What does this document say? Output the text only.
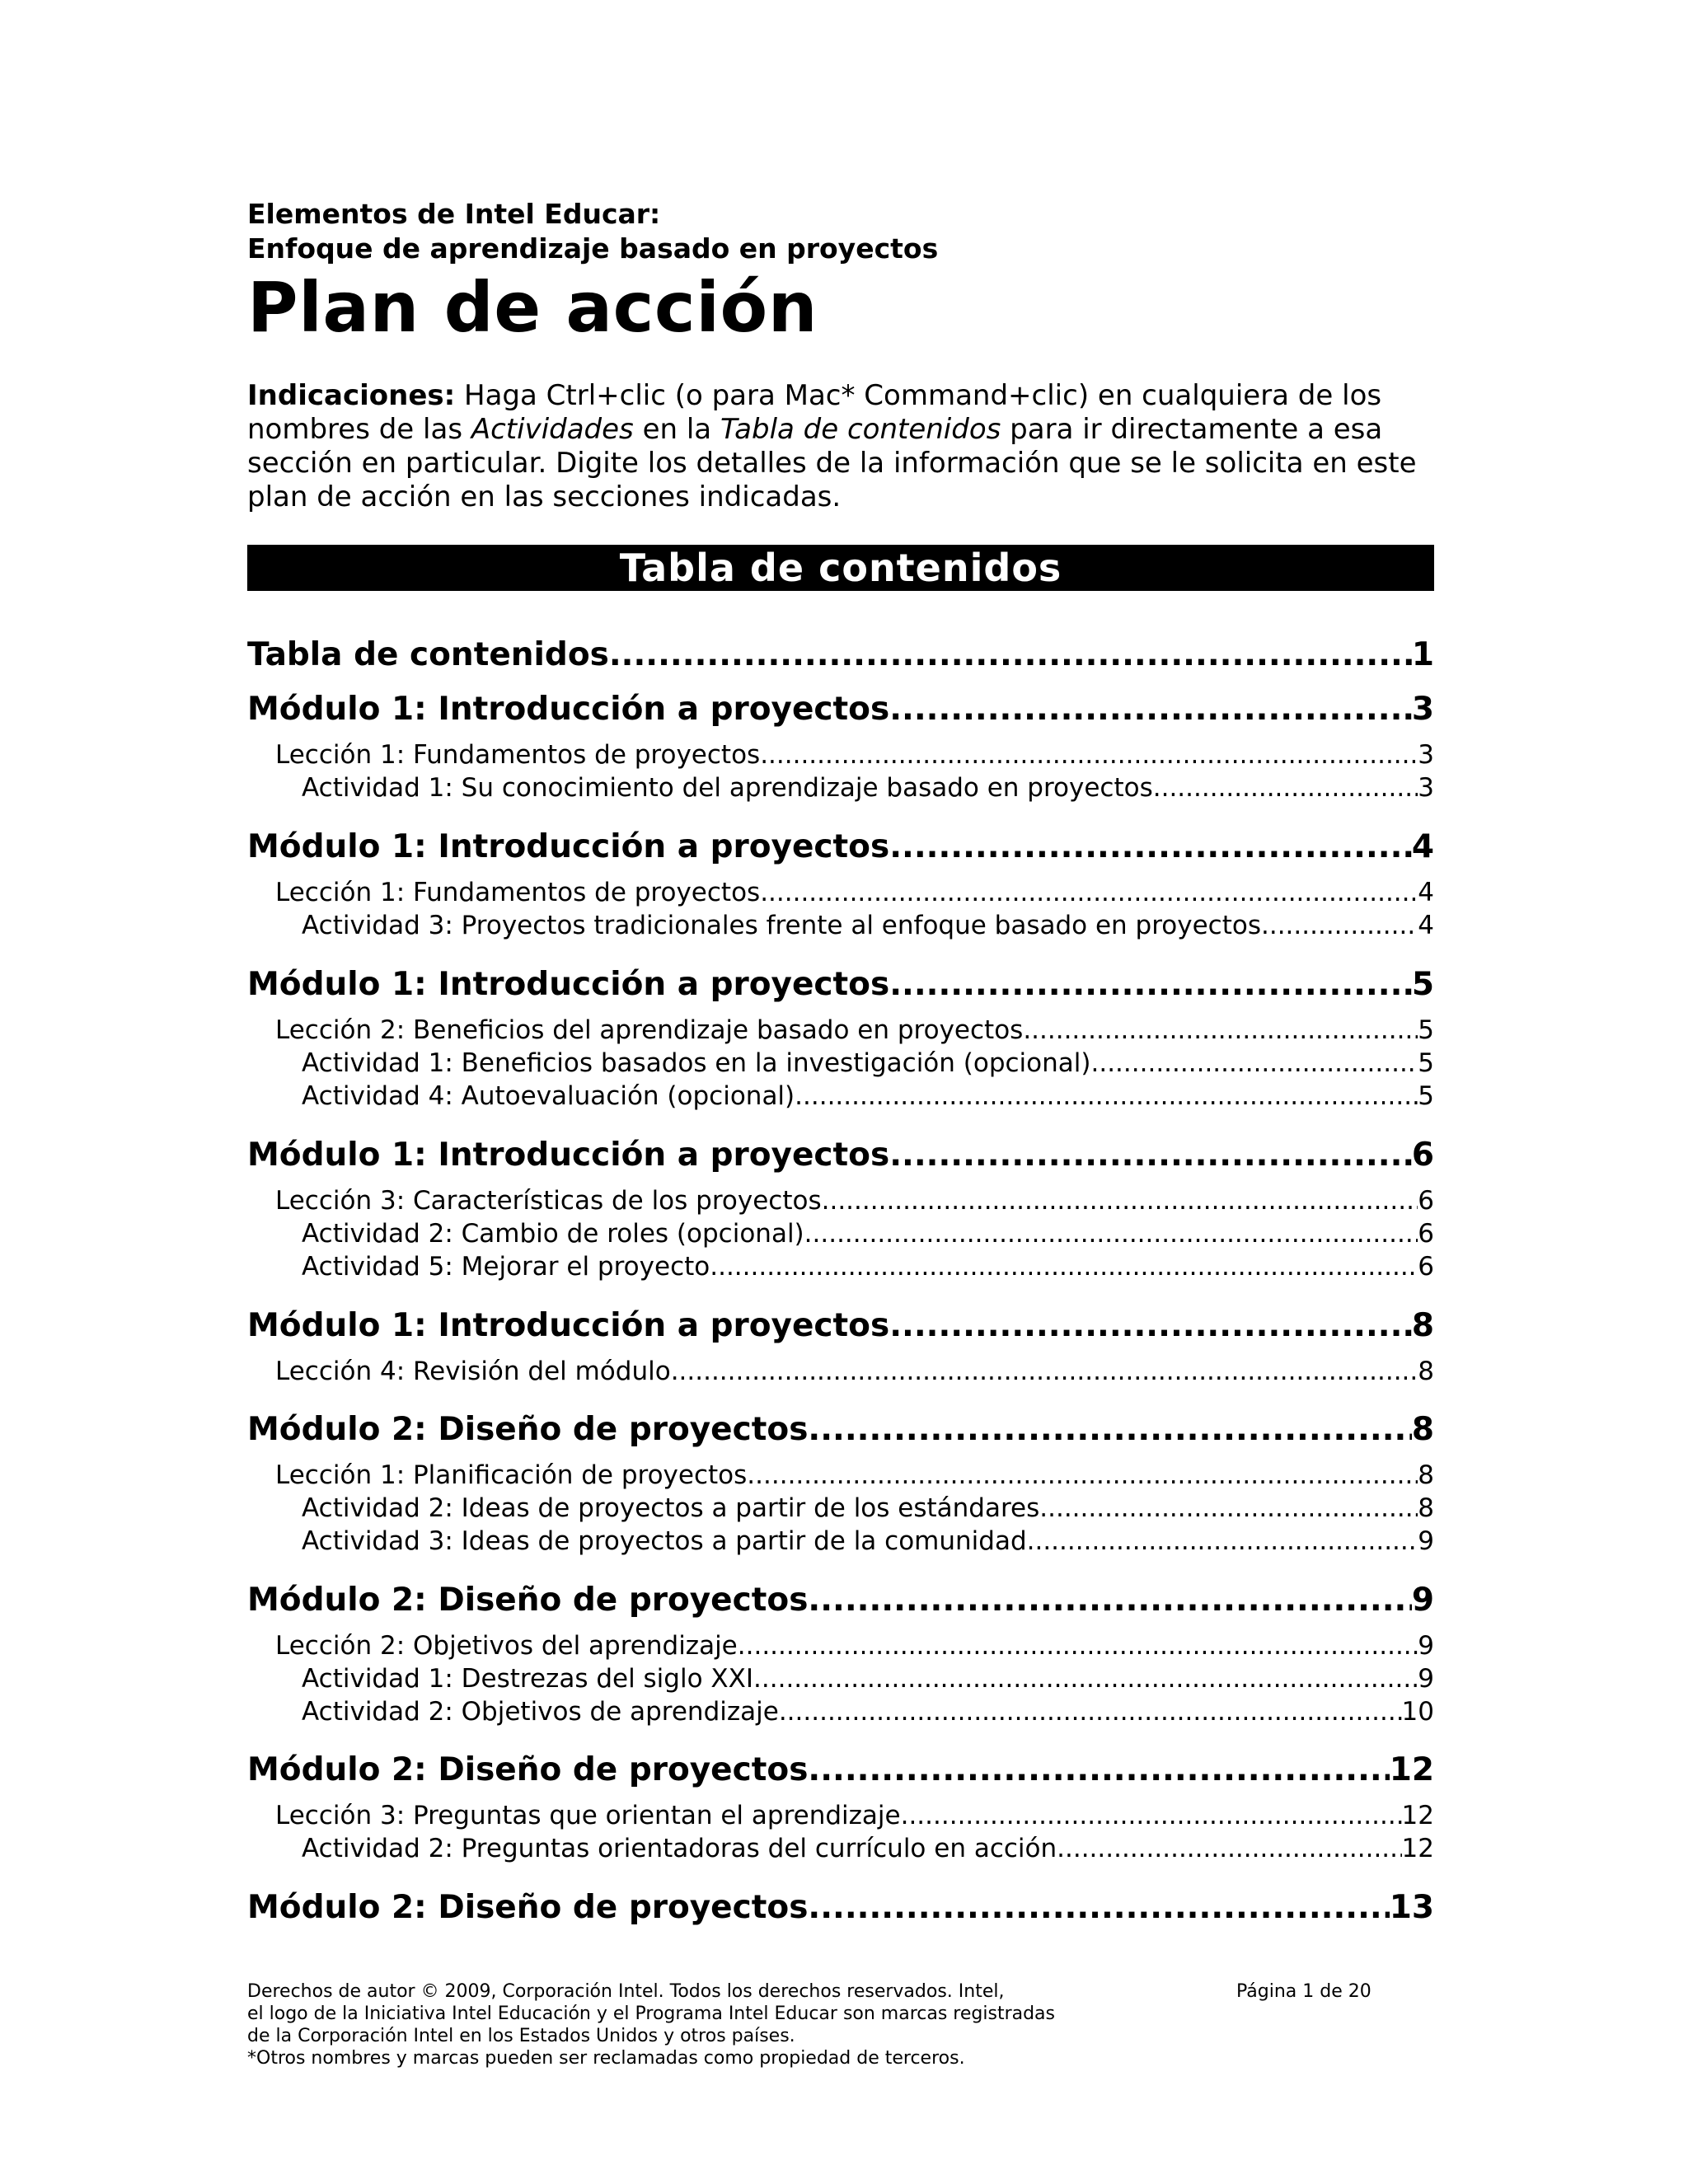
Elementos de Intel Educar:
Enfoque de aprendizaje basado en proyectos
Plan de acción

Indicaciones: Haga Ctrl+clic (o para Mac* Command+clic) en cualquiera de los nombres de las Actividades en la Tabla de contenidos para ir directamente a esa sección en particular. Digite los detalles de la información que se le solicita en este plan de acción en las secciones indicadas.

Tabla de contenidos
Tabla de contenidos .....	1
Módulo 1: Introducción a proyectos .....	3
Lección 1: Fundamentos de proyectos .....	3
Actividad 1: Su conocimiento del aprendizaje basado en proyectos .....	3
Módulo 1: Introducción a proyectos .....	4
Lección 1: Fundamentos de proyectos .....	4
Actividad 3: Proyectos tradicionales frente al enfoque basado en proyectos .....	4
Módulo 1: Introducción a proyectos .....	5
Lección 2: Beneficios del aprendizaje basado en proyectos .....	5
Actividad 1: Beneficios basados en la investigación (opcional) .....	5
Actividad 4: Autoevaluación (opcional) .....	5
Módulo 1: Introducción a proyectos .....	6
Lección 3: Características de los proyectos .....	6
Actividad 2: Cambio de roles (opcional) .....	6
Actividad 5: Mejorar el proyecto .....	6
Módulo 1: Introducción a proyectos .....	8
Lección 4: Revisión del módulo .....	8
Módulo 2: Diseño de proyectos .....	8
Lección 1: Planificación de proyectos .....	8
Actividad 2: Ideas de proyectos a partir de los estándares .....	8
Actividad 3: Ideas de proyectos a partir de la comunidad .....	9
Módulo 2: Diseño de proyectos .....	9
Lección 2: Objetivos del aprendizaje .....	9
Actividad 1: Destrezas del siglo XXI .....	9
Actividad 2: Objetivos de aprendizaje .....	10
Módulo 2: Diseño de proyectos .....	12
Lección 3: Preguntas que orientan el aprendizaje .....	12
Actividad 2: Preguntas orientadoras del currículo en acción .....	12
Módulo 2: Diseño de proyectos .....	13
Derechos de autor © 2009, Corporación Intel. Todos los derechos reservados. Intel,
el logo de la Iniciativa Intel Educación y el Programa Intel Educar son marcas registradas
de la Corporación Intel en los Estados Unidos y otros países.
*Otros nombres y marcas pueden ser reclamadas como propiedad de terceros.
Página 1 de 20
